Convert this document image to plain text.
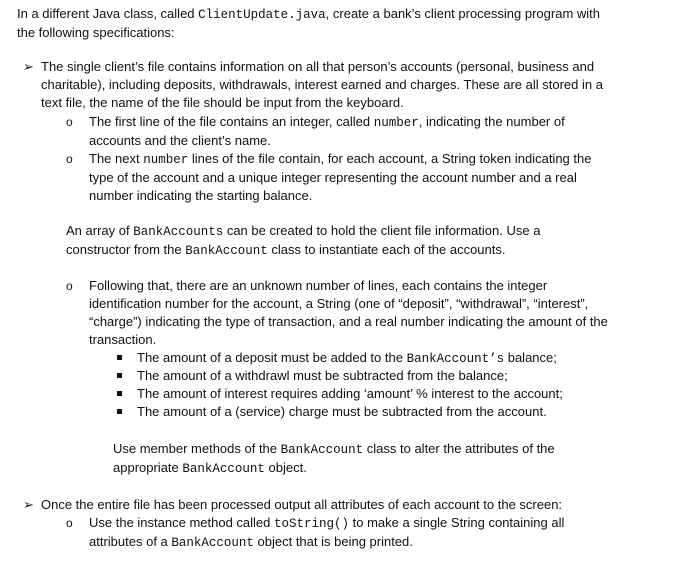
In a different Java class, called ClientUpdate.java, create a bank’s client processing program with
the following specifications:
➢ The single client’s file contains information on all that person’s accounts (personal, business and
charitable), including deposits, withdrawals, interest earned and charges. These are all stored in a
text file, the name of the file should be input from the keyboard.
o The first line of the file contains an integer, called number, indicating the number of
accounts and the client’s name.
o The next number lines of the file contain, for each account, a String token indicating the
type of the account and a unique integer representing the account number and a real
number indicating the starting balance.
An array of BankAccounts can be created to hold the client file information. Use a
constructor from the BankAccount class to instantiate each of the accounts.
o Following that, there are an unknown number of lines, each contains the integer
identification number for the account, a String (one of “deposit”, “withdrawal”, “interest”,
“charge”) indicating the type of transaction, and a real number indicating the amount of the
transaction.
The amount of a deposit must be added to the BankAccount’s balance;
The amount of a withdrawl must be subtracted from the balance;
The amount of interest requires adding ‘amount’ % interest to the account;
The amount of a (service) charge must be subtracted from the account.
Use member methods of the BankAccount class to alter the attributes of the
appropriate BankAccount object.
➢ Once the entire file has been processed output all attributes of each account to the screen:
o Use the instance method called toString() to make a single String containing all
attributes of a BankAccount object that is being printed.
